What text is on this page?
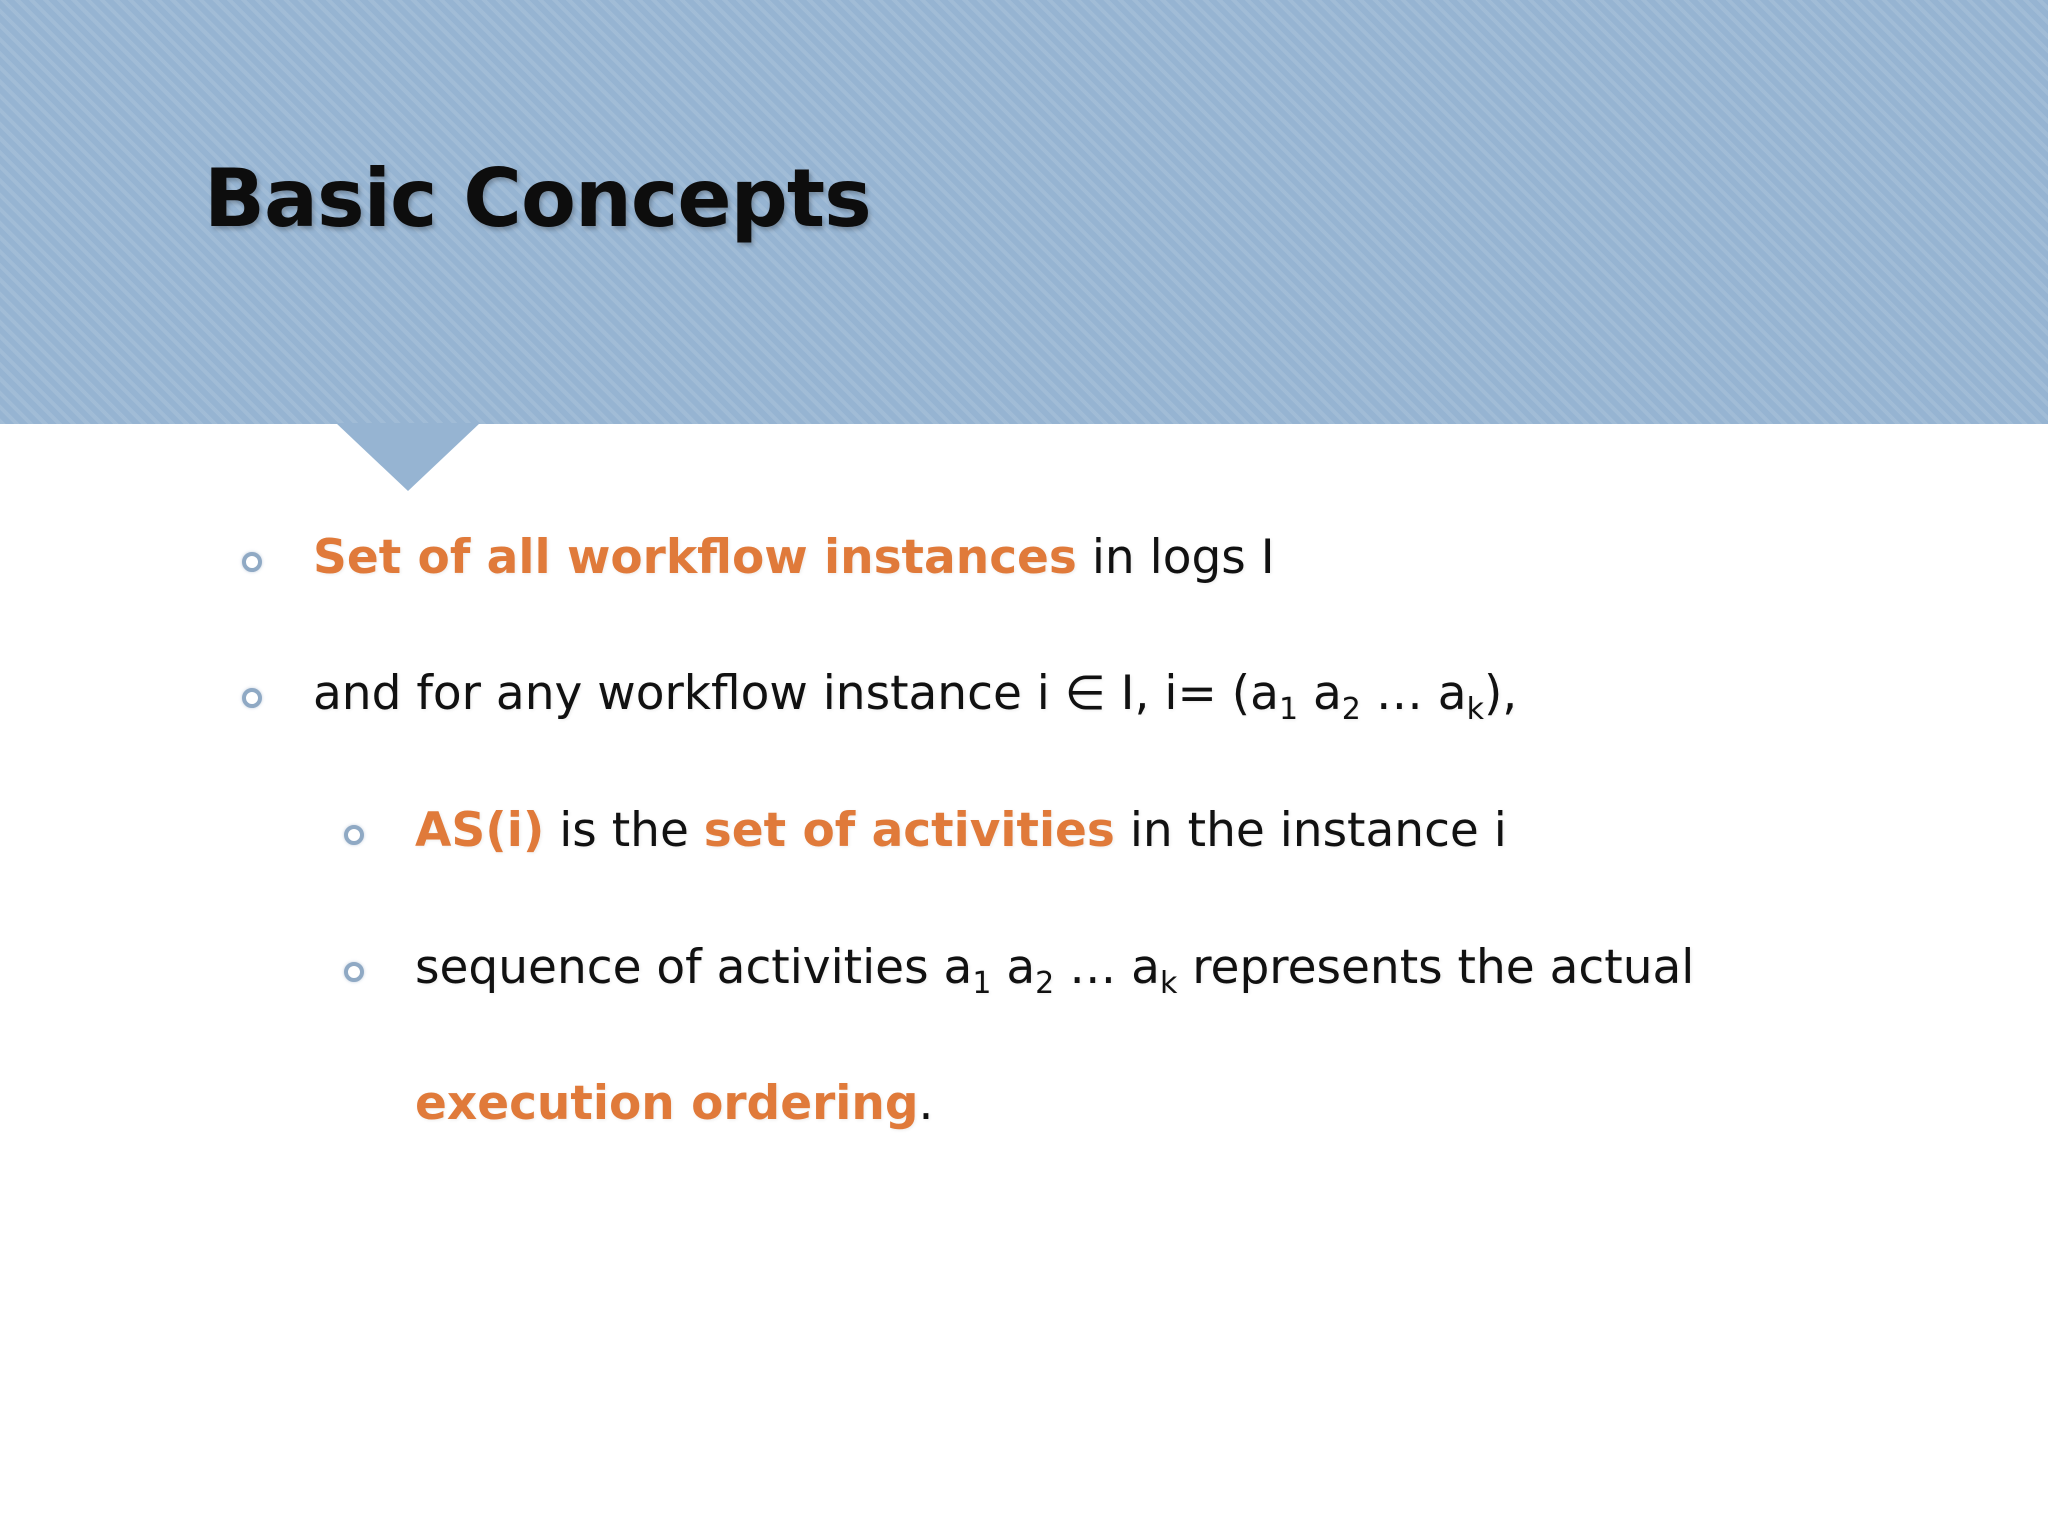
Basic Concepts
Set of all workflow instances in logs I
and for any workflow instance i ∈ I, $i= (a_1$ $a_2$ … $a_k$),
AS(i) is the set of activities in the instance i
sequence of activities $a_1$ $a_2$ … $a_k$ represents the actual
execution ordering.
